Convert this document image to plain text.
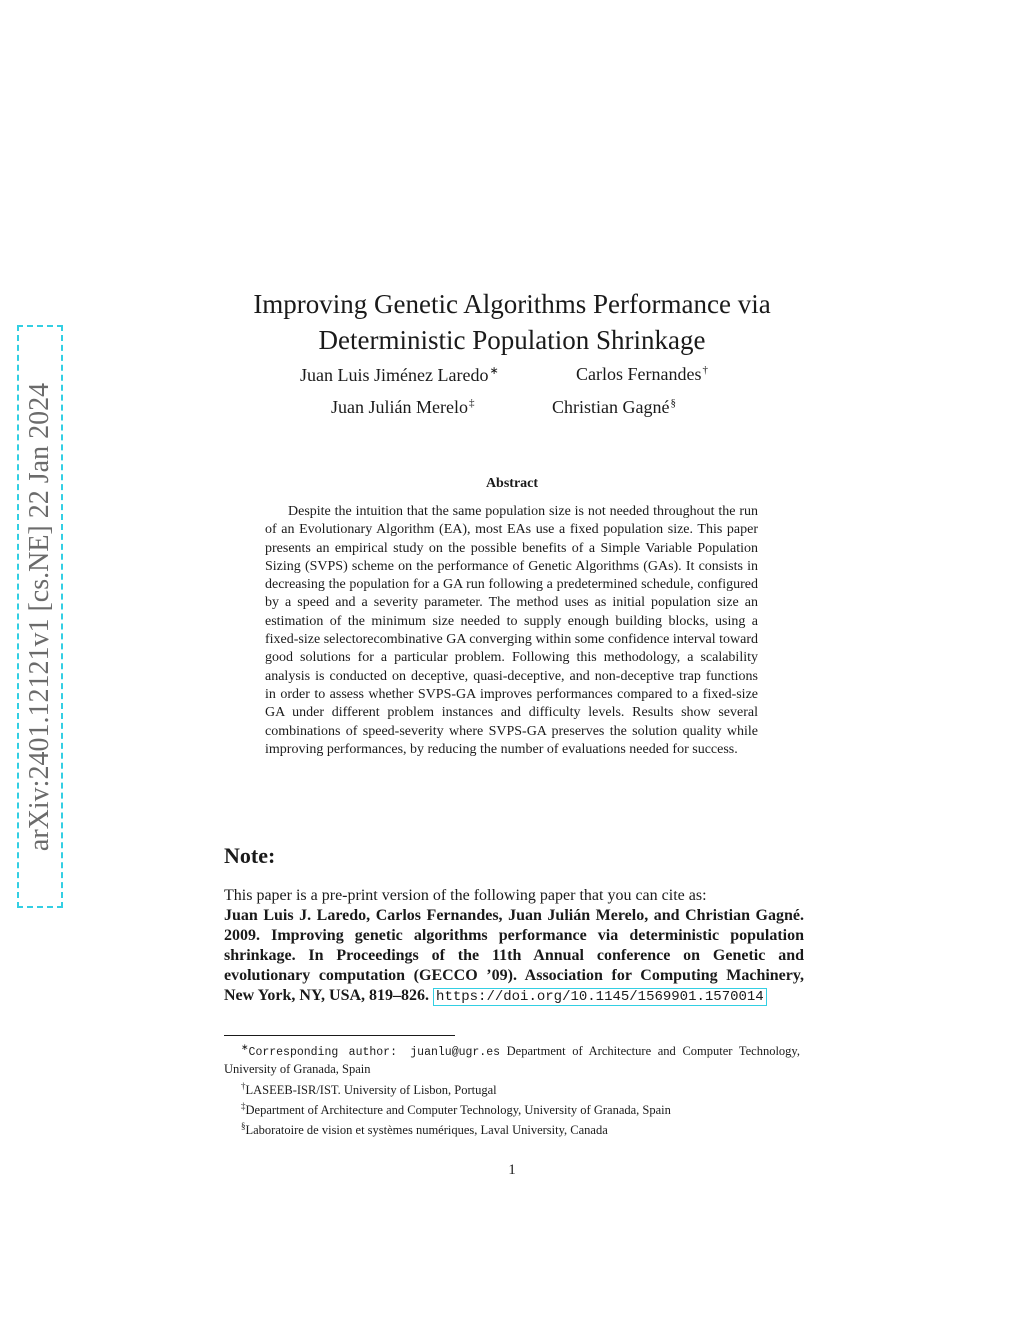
arXiv:2401.12121v1 [cs.NE] 22 Jan 2024
Improving Genetic Algorithms Performance via
Deterministic Population Shrinkage
Juan Luis Jiménez Laredo∗	Carlos Fernandes†
Juan Julián Merelo‡	Christian Gagné§
Abstract

Despite the intuition that the same population size is not needed throughout the run of an Evolutionary Algorithm (EA), most EAs use a fixed population size. This paper presents an empirical study on the possible benefits of a Simple Variable Population Sizing (SVPS) scheme on the performance of Genetic Algorithms (GAs). It consists in decreasing the population for a GA run following a predetermined schedule, configured by a speed and a severity parameter. The method uses as initial population size an estimation of the minimum size needed to supply enough building blocks, using a fixed-size selectorecombinative GA converging within some confidence interval toward good solutions for a particular problem. Following this methodology, a scalability analysis is conducted on deceptive, quasi-deceptive, and non-deceptive trap functions in order to assess whether SVPS-GA improves performances compared to a fixed-size GA under different problem instances and difficulty levels. Results show several combinations of speed-severity where SVPS-GA preserves the solution quality while improving performances, by reducing the number of evaluations needed for success.

Note:
This paper is a pre-print version of the following paper that you can cite as:

Juan Luis J. Laredo, Carlos Fernandes, Juan Julián Merelo, and Christian Gagné. 2009. Improving genetic algorithms performance via deterministic population shrinkage. In Proceedings of the 11th Annual conference on Genetic and evolutionary computation (GECCO ’09). Association for Computing Machinery, New York, NY, USA, 819–826. https://doi.org/10.1145/1569901.1570014

∗Corresponding author: juanlu@ugr.es Department of Architecture and Computer Technology, University of Granada, Spain

†LASEEB-ISR/IST. University of Lisbon, Portugal

‡Department of Architecture and Computer Technology, University of Granada, Spain

§Laboratoire de vision et systèmes numériques, Laval University, Canada

1
